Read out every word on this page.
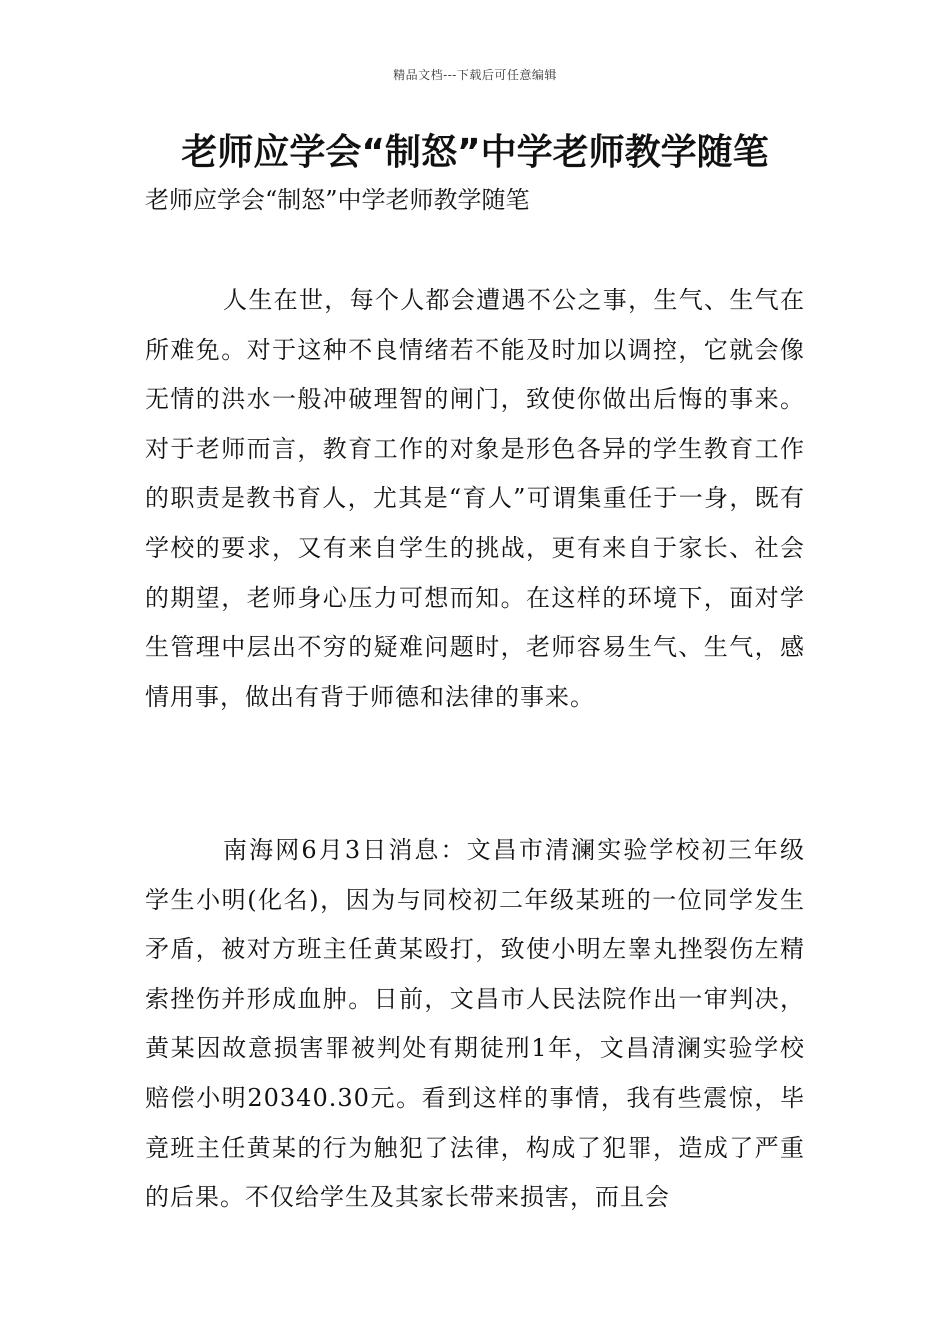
精品文档---下载后可任意编辑
老师应学会“制怒”中学老师教学随笔
老师应学会“制怒”中学老师教学随笔

人生在世，每个人都会遭遇不公之事，生气、生气在所难免。对于这种不良情绪若不能及时加以调控，它就会像无情的洪水一般冲破理智的闸门，致使你做出后悔的事来。对于老师而言，教育工作的对象是形色各异的学生教育工作的职责是教书育人，尤其是“育人”可谓集重任于一身，既有学校的要求，又有来自学生的挑战，更有来自于家长、社会的期望，老师身心压力可想而知。在这样的环境下，面对学生管理中层出不穷的疑难问题时，老师容易生气、生气，感情用事，做出有背于师德和法律的事来。

南海网6月3日消息：文昌市清澜实验学校初三年级学生小明(化名)，因为与同校初二年级某班的一位同学发生矛盾，被对方班主任黄某殴打，致使小明左睾丸挫裂伤左精索挫伤并形成血肿。日前，文昌市人民法院作出一审判决，黄某因故意损害罪被判处有期徒刑1年，文昌清澜实验学校赔偿小明20340.30元。看到这样的事情，我有些震惊，毕竟班主任黄某的行为触犯了法律，构成了犯罪，造成了严重的后果。不仅给学生及其家长带来损害，而且会
